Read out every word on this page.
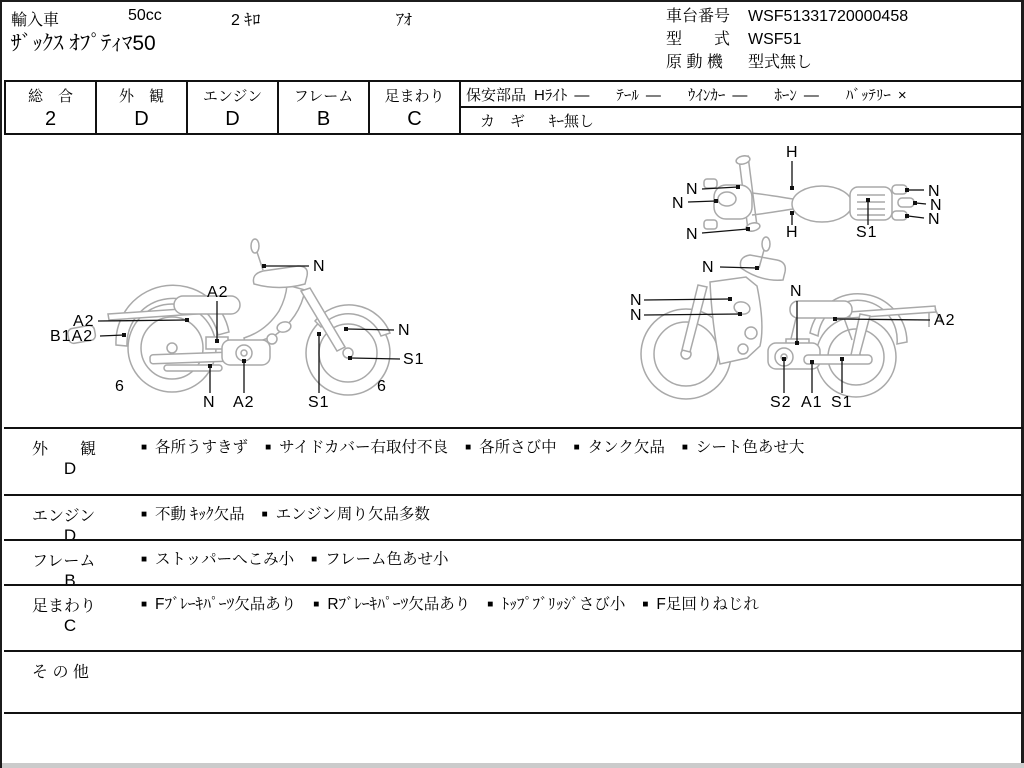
輸入車	50cc	2 ｷﾛ	ｱｵ
ｻﾞｯｸｽ ｵﾌﾟﾃｨﾏ50
車台番号	WSF51331720000458
型　　式	WSF51
原 動 機	型式無し
総　合
2
外　観
D
エンジン
D
フレーム
B
足まわり
C
保安部品 Hﾗｲﾄ ― ﾃｰﾙ ― ｳｲﾝｶｰ ― ﾎｰﾝ ― ﾊﾞｯﾃﾘｰ ×
カ　ギ ｷｰ無し
H
N
N
N	H	S1
N
N
N
N
A2
A2
B1A2	N
S1
N A2	S1
6	6
N
N
N
N
A2
S2 A1 S1
外　　観
D
■ 各所うすきず ■ サイドカバー右取付不良 ■ 各所さび中 ■ タンク欠品 ■ シート色あせ大
エンジン
D
■ 不動 ｷｯｸ欠品 ■ エンジン周り欠品多数
フレーム
B
■ ストッパーへこみ小 ■ フレーム色あせ小
足まわり
C
■ Fﾌﾞﾚｰｷﾊﾟｰﾂ欠品あり ■ Rﾌﾞﾚｰｷﾊﾟｰﾂ欠品あり ■ ﾄｯﾌﾟﾌﾞﾘｯｼﾞさび小 ■ F足回りねじれ
そ の 他
